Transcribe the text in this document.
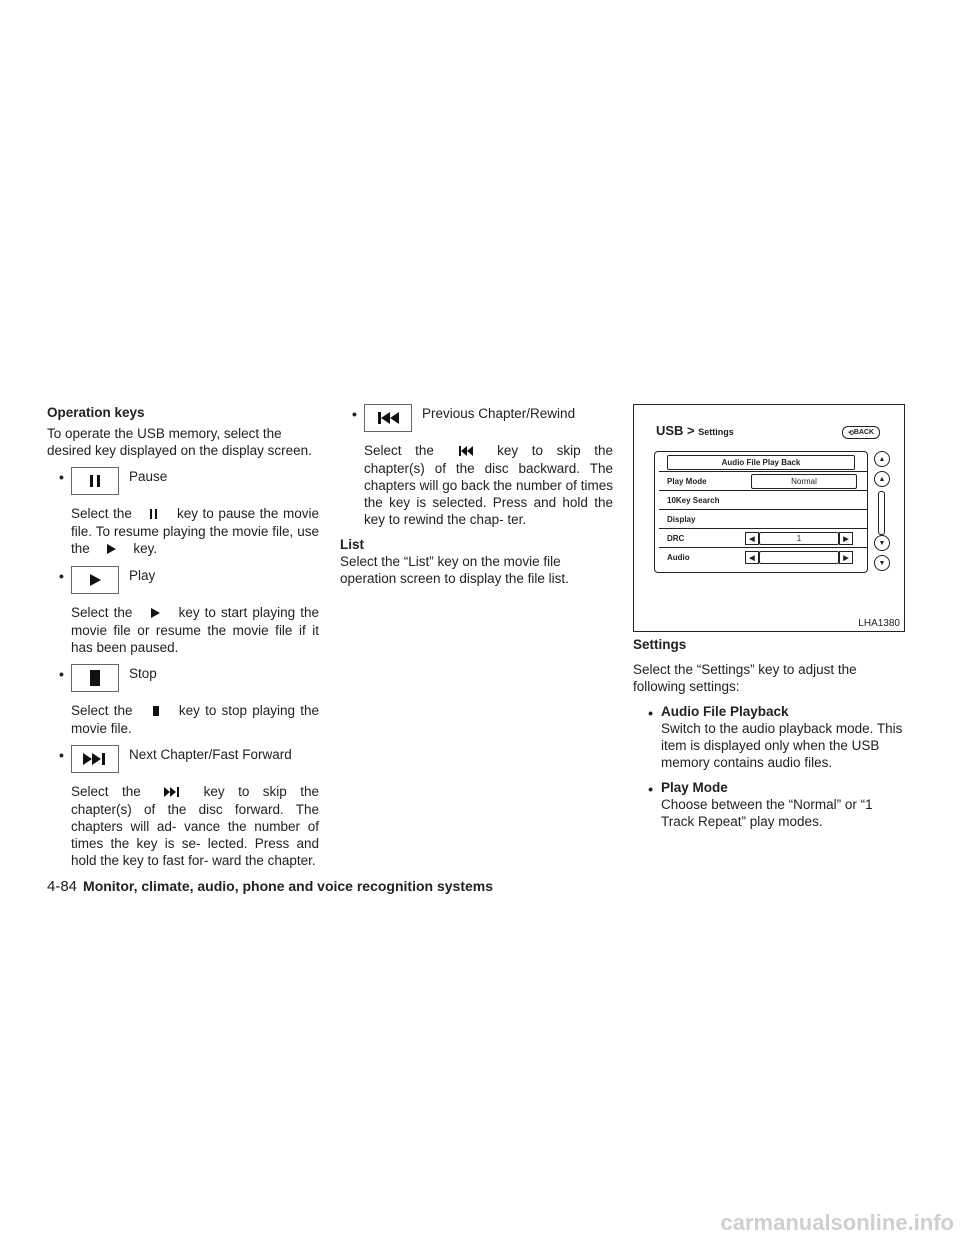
Operation keys

To operate the USB memory, select the desired key displayed on the display screen.

•	Pause

Select the	key to pause the movie file. To resume playing the movie file, use the	key.

•	Play

Select the	key to start playing the movie file or resume the movie file if it has been paused.

•	Stop

Select the	key to stop playing the movie file.

•	Next Chapter/Fast Forward

Select the	key to skip the chapter(s) of the disc forward. The chapters will ad- vance the number of times the key is se- lected. Press and hold the key to fast for- ward the chapter.

•	Previous Chapter/Rewind

Select the	key to skip the chapter(s) of the disc backward. The chapters will go back the number of times the key is selected. Press and hold the key to rewind the chap- ter.

List

Select the “List” key on the movie file operation screen to display the file list.

USB > Settings	⟲ BACK
Audio File Play Back
Play Mode	Normal
10Key Search
Display
DRC	◀	1	▶
Audio	◀	▶
▲
▲
▼
▼
LHA1380
Settings

Select the “Settings” key to adjust the following settings:

• Audio File Playback
Switch to the audio playback mode. This item is displayed only when the USB memory contains audio files.
• Play Mode
Choose between the “Normal” or “1 Track Repeat” play modes.
4-84 Monitor, climate, audio, phone and voice recognition systems
carmanualsonline.info
